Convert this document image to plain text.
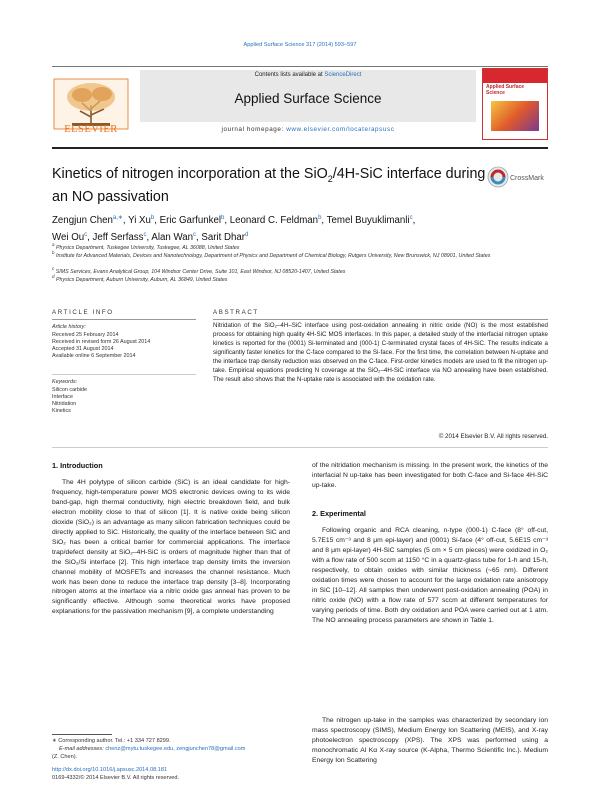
Applied Surface Science 317 (2014) 593–597
Contents lists available at ScienceDirect
Applied Surface Science
journal homepage: www.elsevier.com/locate/apsusc
ELSEVIER
Applied Surface Science
Kinetics of nitrogen incorporation at the SiO$_2$/4H-SiC interface during an NO passivation
CrossMark
Zengjun Chen$^{a,∗}$, Yi Xu$^b$, Eric Garfunkel$^b$, Leonard C. Feldman$^b$, Temel Buyuklimanli$^c$,
Wei Ou$^c$, Jeff Serfass$^c$, Alan Wan$^c$, Sarit Dhar$^d$
$^a$ Physics Department, Tuskegee University, Tuskegee, AL 36088, United States
$^b$ Institute for Advanced Materials, Devices and Nanotechnology, Department of Physics and Department of Chemical Biology, Rutgers University, New Brunswick, NJ 08901, United States
$^c$ SIMS Services, Evans Analytical Group, 104 Windsor Center Drive, Suite 101, East Windsor, NJ 08520-1407, United States
$^d$ Physics Department, Auburn University, Auburn, AL 36849, United States
ARTICLE INFO
Article history:
Received 25 February 2014
Received in revised form 26 August 2014
Accepted 31 August 2014
Available online 6 September 2014
Keywords:
Silicon carbide
Interface
Nitridation
Kinetics
ABSTRACT
Nitridation of the SiO₂–4H–SiC interface using post-oxidation annealing in nitric oxide (NO) is the most established process for obtaining high quality 4H-SiC MOS interfaces. In this paper, a detailed study of the interfacial nitrogen uptake kinetics is reported for the (0001) Si-terminated and (000-1) C-terminated crystal faces of 4H-SiC. The results indicate a significantly faster kinetics for the C-face compared to the Si-face. For the first time, the correlation between N-uptake and the interface trap density reduction was observed on the C-face. First-order kinetics models are used to fit the nitrogen up-take. Empirical equations predicting N coverage at the SiO₂–4H-SiC interface via NO annealing have been established. The result also shows that the N-uptake rate is associated with the oxidation rate.
© 2014 Elsevier B.V. All rights reserved.
1. Introduction
The 4H polytype of silicon carbide (SiC) is an ideal candidate for high-frequency, high-temperature power MOS electronic devices owing to its wide band-gap, high thermal conductivity, high electric breakdown field, and bulk electron mobility close to that of silicon [1]. It is native oxide being silicon dioxide (SiO₂) is an advantage as many silicon fabrication techniques could be directly applied to SiC. Historically, the quality of the interface between SiC and SiO₂ has been a critical barrier for commercial applications. The interface trap/defect density at SiO₂–4H-SiC is orders of magnitude higher than that of the SiO₂/Si interface [2]. This high interface trap density limits the inversion channel mobility of MOSFETs and increases the channel resistance. Much work has been done to reduce the interface trap density [3–8]. Incorporating nitrogen atoms at the interface via a nitric oxide gas anneal has proven to be significantly effective. Although some theoretical works have proposed explanations for the passivation mechanism [9], a complete understanding
∗ Corresponding author. Tel.: +1 334 727 8299.
E-mail addresses: chenz@mytu.tuskegee.edu, zengjunchen78@gmail.com
(Z. Chen).
http://dx.doi.org/10.1016/j.apsusc.2014.08.181
0169-4332/© 2014 Elsevier B.V. All rights reserved.
of the nitridation mechanism is missing. In the present work, the kinetics of the interfacial N up-take has been investigated for both C-face and Si-face 4H-SiC up-take.
2. Experimental
Following organic and RCA cleaning, n-type (000-1) C-face (8° off-cut, 5.7E15 cm⁻³ and 8 μm epi-layer) and (0001) Si-face (4° off-cut, 5.6E15 cm⁻³ and 8 μm epi-layer) 4H-SiC samples (5 cm × 5 cm pieces) were oxidized in O₂ with a flow rate of 500 sccm at 1150 °C in a quartz-glass tube for 1-h and 15-h, respectively, to obtain oxides with similar thickness (~65 nm). Different oxidation times were chosen to account for the large oxidation rate anisotropy in SiC [10–12]. All samples then underwent post-oxidation annealing (POA) in nitric oxide (NO) with a flow rate of 577 sccm at different temperatures for varying periods of time. Both dry oxidation and POA were carried out at 1 atm. The NO annealing process parameters are shown in Table 1.
The nitrogen up-take in the samples was characterized by secondary ion mass spectroscopy (SIMS), Medium Energy Ion Scattering (MEIS), and X-ray photoelectron spectroscopy (XPS). The XPS was performed using a monochromatic Al Kα X-ray source (K-Alpha, Thermo Scientific Inc.). Medium Energy Ion Scattering
